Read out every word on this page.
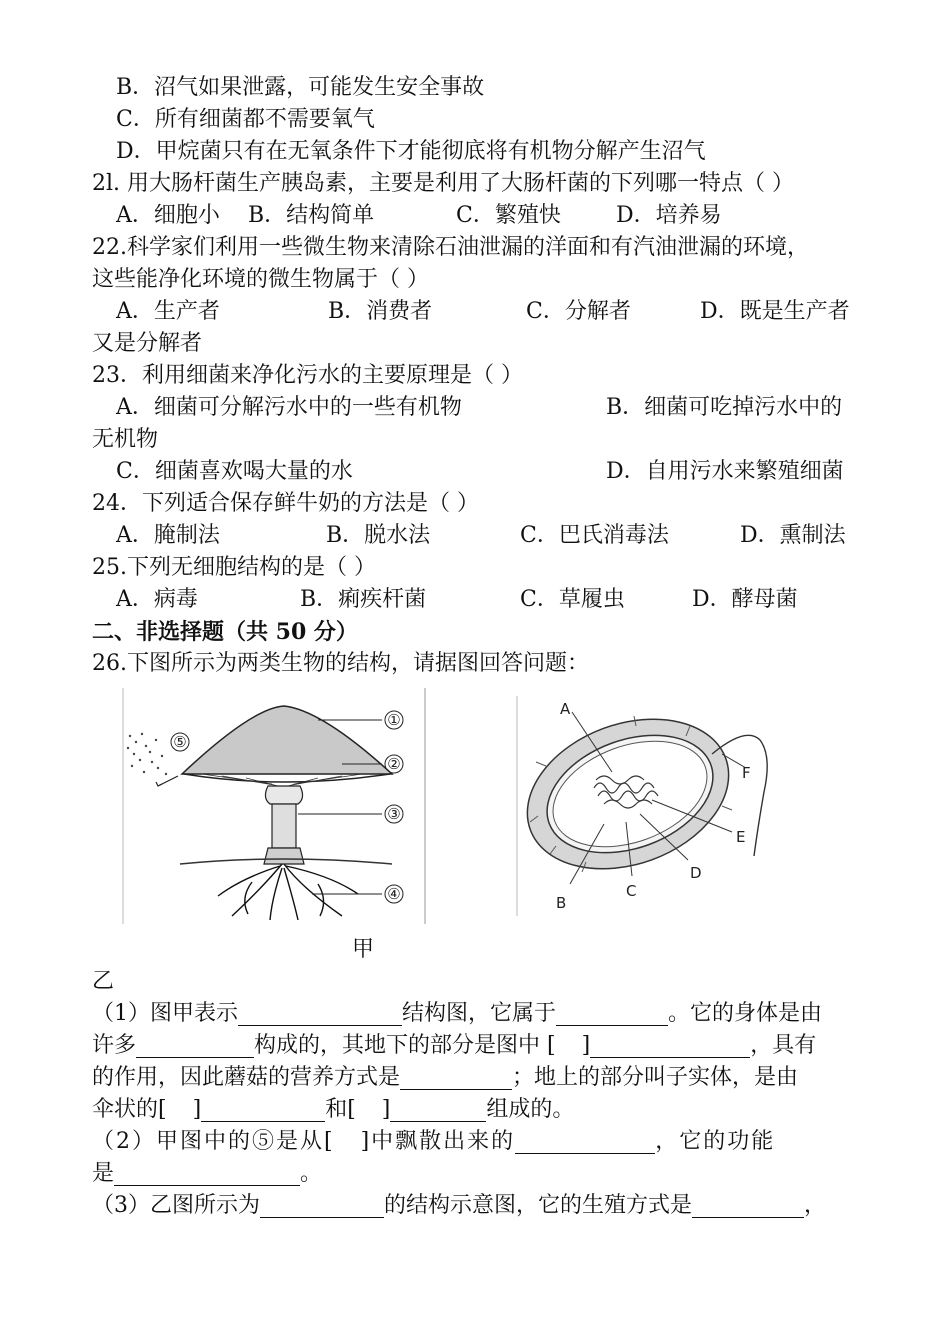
B．沼气如果泄露，可能发生安全事故
C．所有细菌都不需要氧气
D．甲烷菌只有在无氧条件下才能彻底将有机物分解产生沼气
2l. 用大肠杆菌生产胰岛素，主要是利用了大肠杆菌的下列哪一特点（ ）
A．细胞小 B．结构简单	C．繁殖快	D．培养易
22.科学家们利用一些微生物来清除石油泄漏的洋面和有汽油泄漏的环境，
这些能净化环境的微生物属于（ ）
A．生产者	B．消费者	C．分解者	D．既是生产者
又是分解者
23．利用细菌来净化污水的主要原理是（ ）
A．细菌可分解污水中的一些有机物	B．细菌可吃掉污水中的
无机物
C．细菌喜欢喝大量的水	D．自用污水来繁殖细菌
24．下列适合保存鲜牛奶的方法是（ ）
A．腌制法	B．脱水法	C．巴氏消毒法	D．熏制法
25.下列无细胞结构的是（ ）
A．病毒	B．痢疾杆菌	C．草履虫	D．酵母菌
二、非选择题（共 50 分）
26.下图所示为两类生物的结构，请据图回答问题：
①
②
③
④
⑤
A
B
C
D
E
F
甲
乙
（1）图甲表示	结构图，它属于	。它的身体是由
许多	构成的，其地下的部分是图中 [ ]	，具有
的作用，因此蘑菇的营养方式是	；地上的部分叫子实体，是由
伞状的[ ]	和[ ]	组成的。
（2）甲图中的⑤是从[ ]中飘散出来的	，它的功能
是	。
（3）乙图所示为	的结构示意图，它的生殖方式是	，
